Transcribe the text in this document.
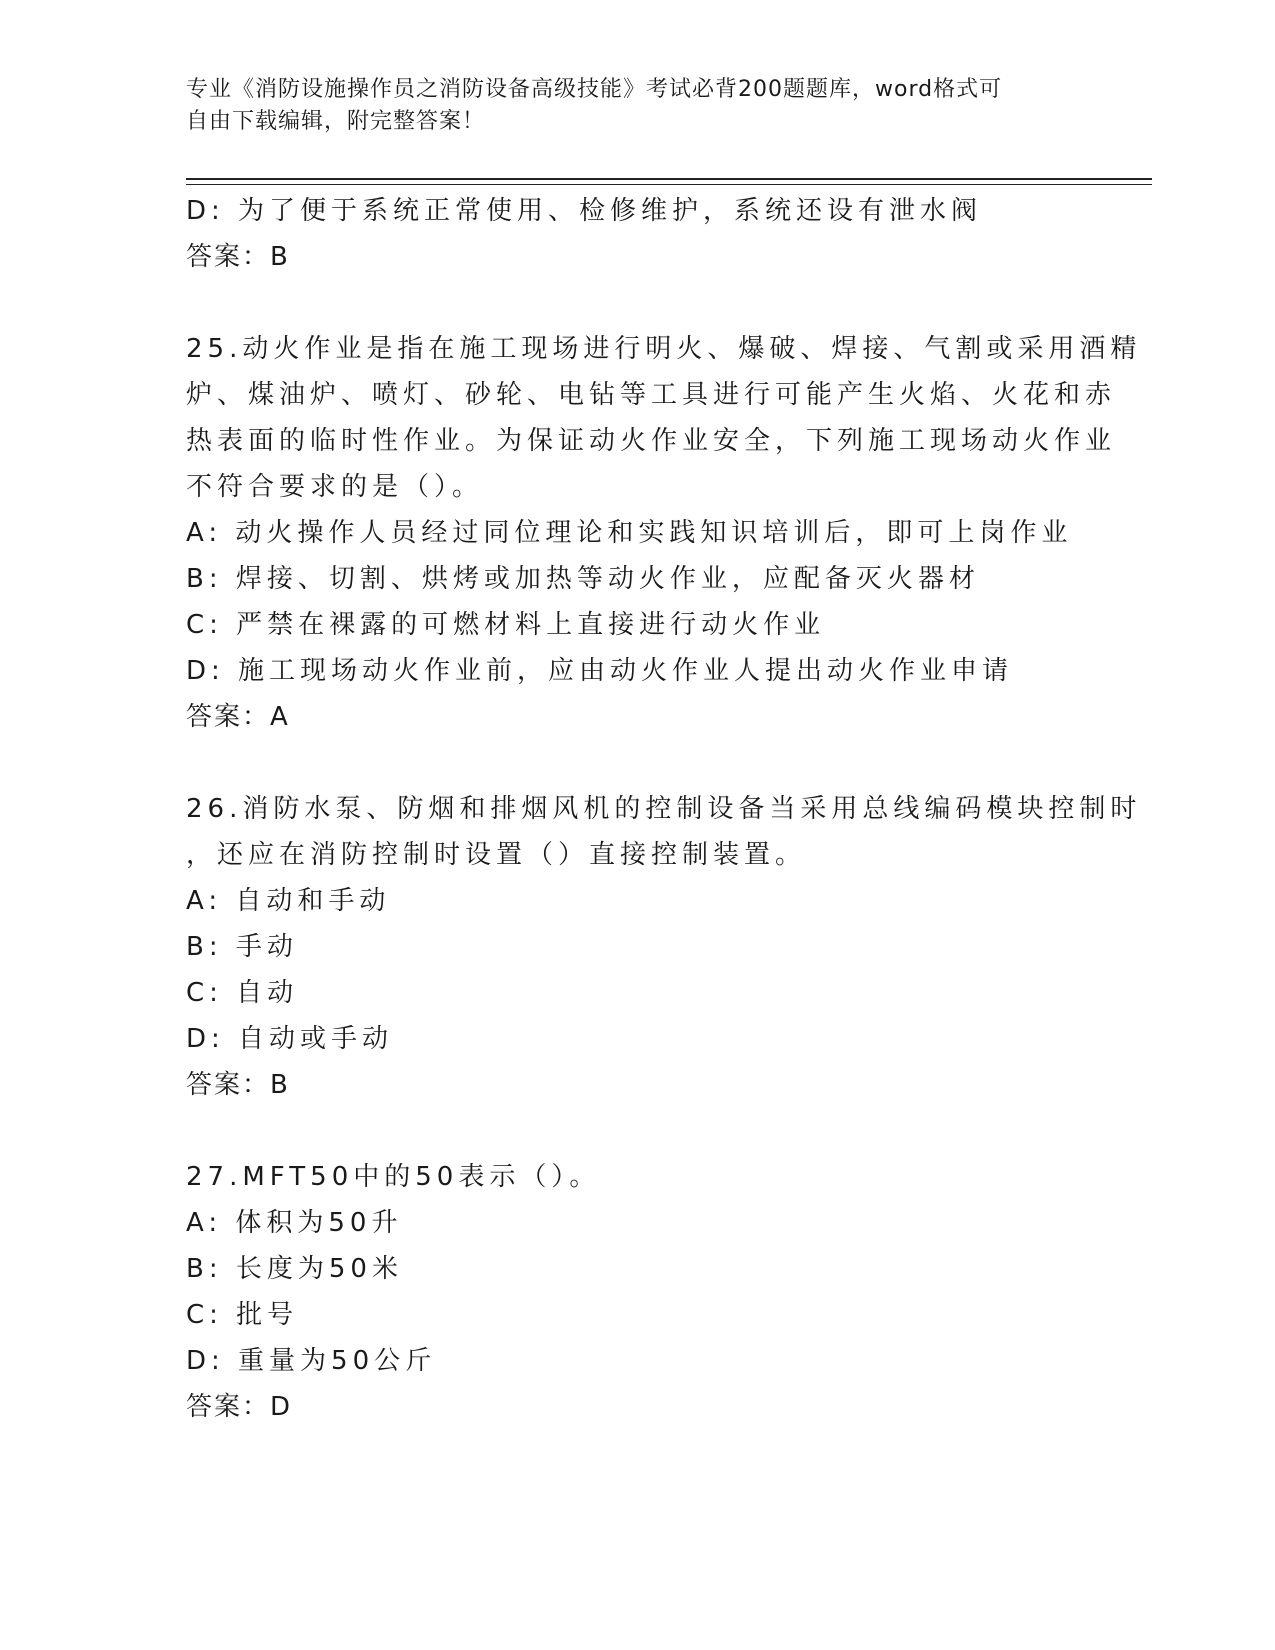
专业《消防设施操作员之消防设备高级技能》考试必背200题题库，word格式可
自由下载编辑，附完整答案！
D: 为了便于系统正常使用、检修维护，系统还设有泄水阀
答案：B
25.动火作业是指在施工现场进行明火、爆破、焊接、气割或采用酒精
炉、煤油炉、喷灯、砂轮、电钻等工具进行可能产生火焰、火花和赤
热表面的临时性作业。为保证动火作业安全，下列施工现场动火作业
不符合要求的是（）。
A: 动火操作人员经过同位理论和实践知识培训后，即可上岗作业
B: 焊接、切割、烘烤或加热等动火作业，应配备灭火器材
C: 严禁在裸露的可燃材料上直接进行动火作业
D: 施工现场动火作业前，应由动火作业人提出动火作业申请
答案：A
26.消防水泵、防烟和排烟风机的控制设备当采用总线编码模块控制时
，还应在消防控制时设置（）直接控制装置。
A: 自动和手动
B: 手动
C: 自动
D: 自动或手动
答案：B
27.MFT50中的50表示（）。
A: 体积为50升
B: 长度为50米
C: 批号
D: 重量为50公斤
答案：D
